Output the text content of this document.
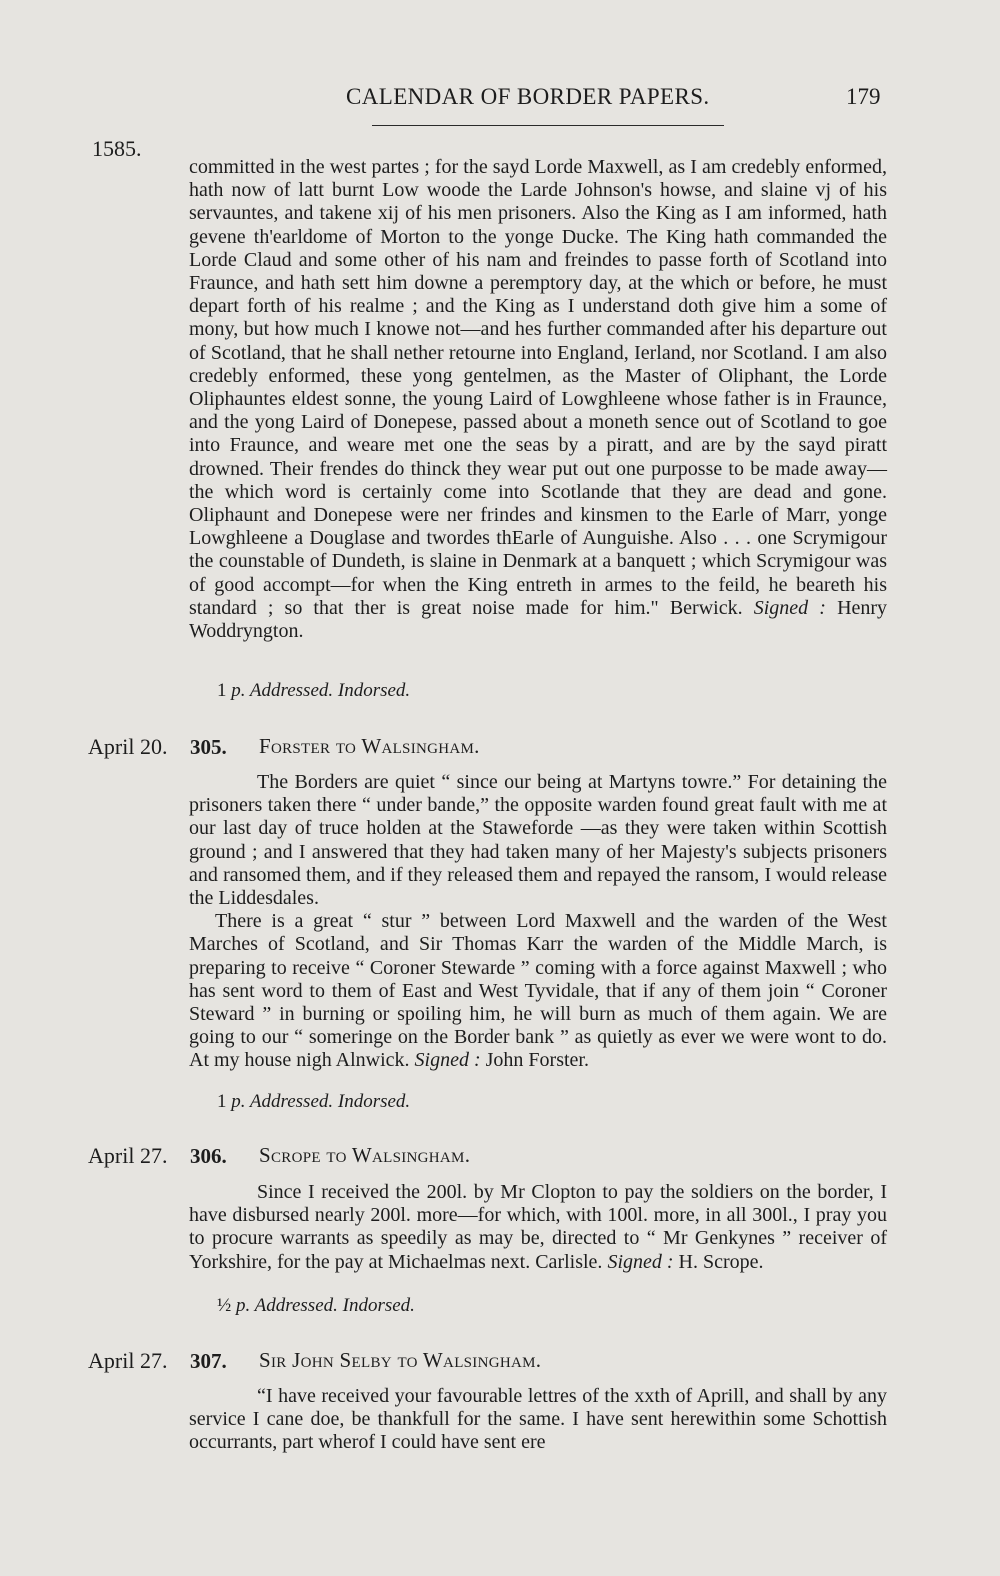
CALENDAR OF BORDER PAPERS.	179
1585.

committed in the west partes ; for the sayd Lorde Maxwell, as I am credebly enformed, hath now of latt burnt Low woode the Larde Johnson's howse, and slaine vj of his servauntes, and takene xij of his men prisoners. Also the King as I am informed, hath gevene th'earldome of Morton to the yonge Ducke. The King hath commanded the Lorde Claud and some other of his nam and freindes to passe forth of Scotland into Fraunce, and hath sett him downe a peremptory day, at the which or before, he must depart forth of his realme ; and the King as I understand doth give him a some of mony, but how much I knowe not—and hes further commanded after his departure out of Scotland, that he shall nether retourne into England, Ierland, nor Scotland. I am also credebly enformed, these yong gentelmen, as the Master of Oliphant, the Lorde Oliphauntes eldest sonne, the young Laird of Lowghleene whose father is in Fraunce, and the yong Laird of Donepese, passed about a moneth sence out of Scotland to goe into Fraunce, and weare met one the seas by a piratt, and are by the sayd piratt drowned. Their frendes do thinck they wear put out one purposse to be made away—the which word is certainly come into Scotlande that they are dead and gone. Oliphaunt and Donepese were ner frindes and kinsmen to the Earle of Marr, yonge Lowghleene a Douglase and twordes thEarle of Aunguishe. Also . . . one Scrymigour the counstable of Dundeth, is slaine in Denmark at a banquett ; which Scrymigour was of good accompt—for when the King entreth in armes to the feild, he beareth his standard ; so that ther is great noise made for him." Berwick. Signed : Henry Woddryngton.

1 p. Addressed. Indorsed.
April 20. 305. Forster to Walsingham.

The Borders are quiet “ since our being at Martyns towre.” For detaining the prisoners taken there “ under bande,” the opposite warden found great fault with me at our last day of truce holden at the Staweforde —as they were taken within Scottish ground ; and I answered that they had taken many of her Majesty's subjects prisoners and ransomed them, and if they released them and repayed the ransom, I would release the Liddesdales.

There is a great “ stur ” between Lord Maxwell and the warden of the West Marches of Scotland, and Sir Thomas Karr the warden of the Middle March, is preparing to receive “ Coroner Stewarde ” coming with a force against Maxwell ; who has sent word to them of East and West Tyvidale, that if any of them join “ Coroner Steward ” in burning or spoiling him, he will burn as much of them again. We are going to our “ someringe on the Border bank ” as quietly as ever we were wont to do. At my house nigh Alnwick. Signed : John Forster.

1 p. Addressed. Indorsed.
April 27. 306. Scrope to Walsingham.

Since I received the 200l. by Mr Clopton to pay the soldiers on the border, I have disbursed nearly 200l. more—for which, with 100l. more, in all 300l., I pray you to procure warrants as speedily as may be, directed to “ Mr Genkynes ” receiver of Yorkshire, for the pay at Michaelmas next. Carlisle. Signed : H. Scrope.

½ p. Addressed. Indorsed.
April 27. 307. Sir John Selby to Walsingham.

“I have received your favourable lettres of the xxth of Aprill, and shall by any service I cane doe, be thankfull for the same. I have sent herewithin some Schottish occurrants, part wherof I could have sent ere
